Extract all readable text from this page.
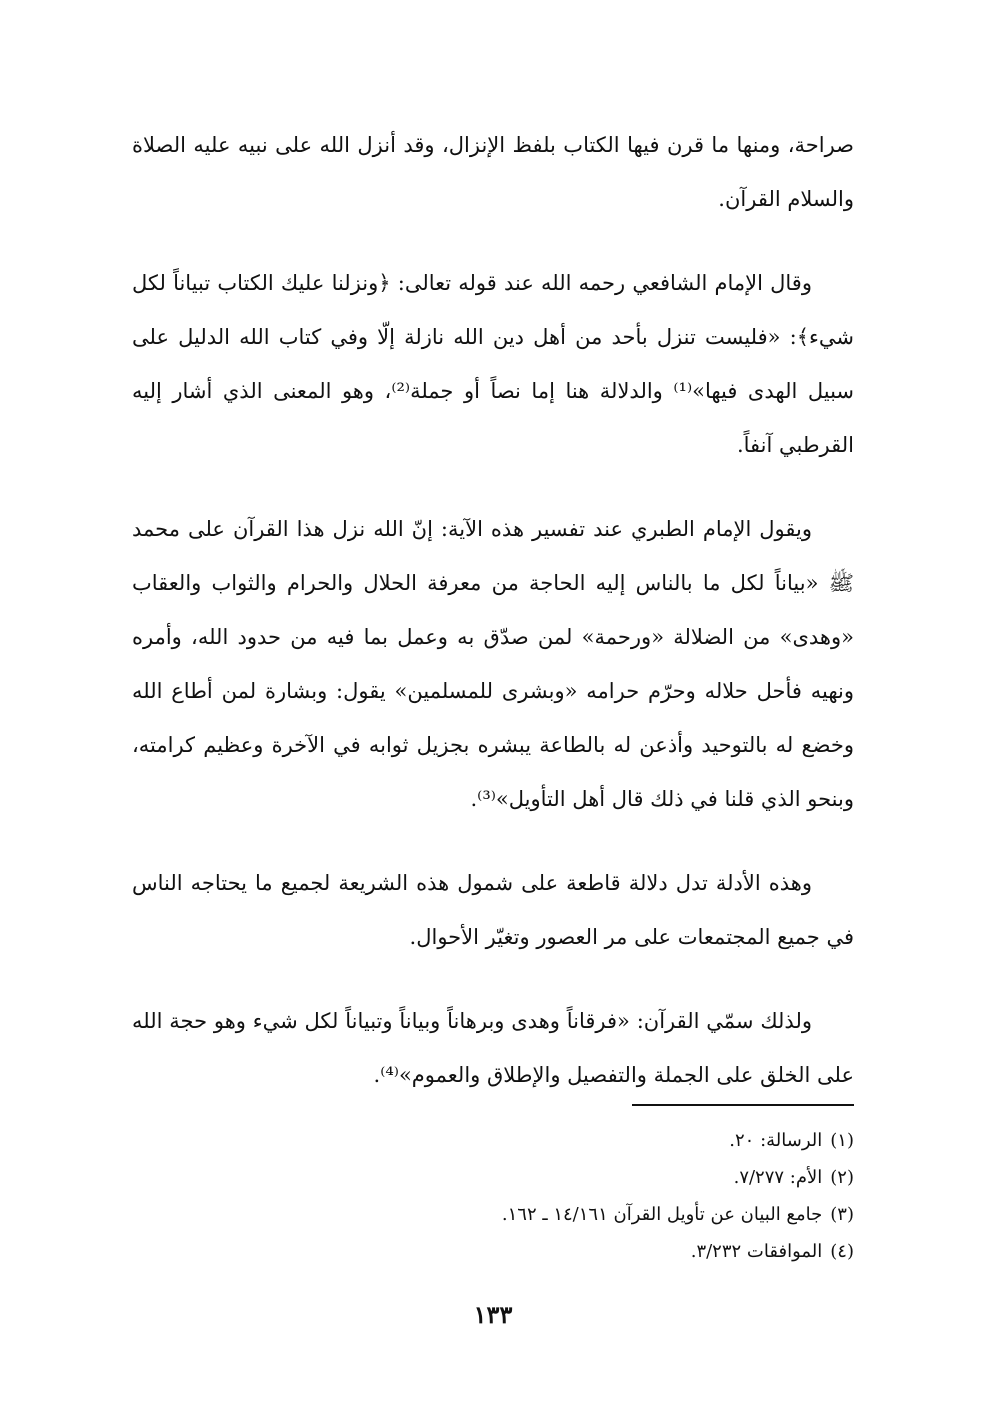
صراحة، ومنها ما قرن فيها الكتاب بلفظ الإنزال، وقد أنزل الله على نبيه عليه الصلاة والسلام القرآن.

وقال الإمام الشافعي رحمه الله عند قوله تعالى: ﴿ونزلنا عليك الكتاب تبياناً لكل شيء﴾: «فليست تنزل بأحد من أهل دين الله نازلة إلّا وفي كتاب الله الدليل على سبيل الهدى فيها»⁽¹⁾ والدلالة هنا إما نصاً أو جملة⁽²⁾، وهو المعنى الذي أشار إليه القرطبي آنفاً.

ويقول الإمام الطبري عند تفسير هذه الآية: إنّ الله نزل هذا القرآن على محمد ﷺ «بياناً لكل ما بالناس إليه الحاجة من معرفة الحلال والحرام والثواب والعقاب «وهدى» من الضلالة «ورحمة» لمن صدّق به وعمل بما فيه من حدود الله، وأمره ونهيه فأحل حلاله وحرّم حرامه «وبشرى للمسلمين» يقول: وبشارة لمن أطاع الله وخضع له بالتوحيد وأذعن له بالطاعة يبشره بجزيل ثوابه في الآخرة وعظيم كرامته، وبنحو الذي قلنا في ذلك قال أهل التأويل»⁽³⁾.

وهذه الأدلة تدل دلالة قاطعة على شمول هذه الشريعة لجميع ما يحتاجه الناس في جميع المجتمعات على مر العصور وتغيّر الأحوال.

ولذلك سمّي القرآن: «فرقاناً وهدى وبرهاناً وبياناً وتبياناً لكل شيء وهو حجة الله على الخلق على الجملة والتفصيل والإطلاق والعموم»⁽⁴⁾.

(١)الرسالة: ٢٠.
(٢)الأم: ٧/٢٧٧.
(٣)جامع البيان عن تأويل القرآن ١٤/١٦١ ـ ١٦٢.
(٤)الموافقات ٣/٢٣٢.
١٣٣
